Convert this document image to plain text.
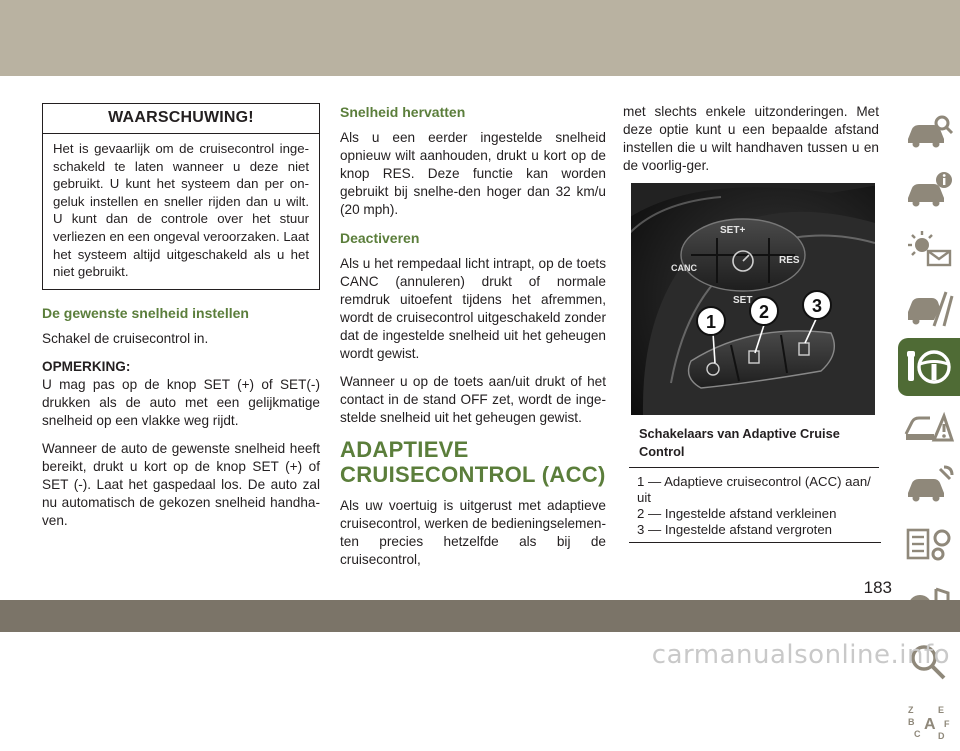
WAARSCHUWING!
Het is gevaarlijk om de cruisecontrol inge-schakeld te laten wanneer u deze niet gebruikt. U kunt het systeem dan per on-geluk instellen en sneller rijden dan u wilt. U kunt dan de controle over het stuur verliezen en een ongeval veroorzaken. Laat het systeem altijd uitgeschakeld als u het niet gebruikt.
De gewenste snelheid instellen

Schakel de cruisecontrol in.

OPMERKING:
U mag pas op de knop SET (+) of SET(-) drukken als de auto met een gelijkmatige snelheid op een vlakke weg rijdt.

Wanneer de auto de gewenste snelheid heeft bereikt, drukt u kort op de knop SET (+) of SET (-). Laat het gaspedaal los. De auto zal nu automatisch de gekozen snelheid handha-ven.

Snelheid hervatten

Als u een eerder ingestelde snelheid opnieuw wilt aanhouden, drukt u kort op de knop RES. Deze functie kan worden gebruikt bij snelhe-den hoger dan 32 km/u (20 mph).

Deactiveren

Als u het rempedaal licht intrapt, op de toets CANC (annuleren) drukt of normale remdruk uitoefent tijdens het afremmen, wordt de cruisecontrol uitgeschakeld zonder dat de ingestelde snelheid uit het geheugen wordt gewist.

Wanneer u op de toets aan/uit drukt of het contact in de stand OFF zet, wordt de inge-stelde snelheid uit het geheugen gewist.

ADAPTIEVE
CRUISECONTROL (ACC)

Als uw voertuig is uitgerust met adaptieve cruisecontrol, werken de bedieningselemen-ten precies hetzelfde als bij de cruisecontrol,

met slechts enkele uitzonderingen. Met deze optie kunt u een bepaalde afstand instellen die u wilt handhaven tussen u en de voorlig-ger.

SET+
CANC
RES
SET
1 2 3
Schakelaars van Adaptive Cruise Control
1 — Adaptieve cruisecontrol (ACC) aan/ uit
2 — Ingestelde afstand verkleinen
3 — Ingestelde afstand vergroten
Z	E
B A F
C D
183
carmanualsonline.info
